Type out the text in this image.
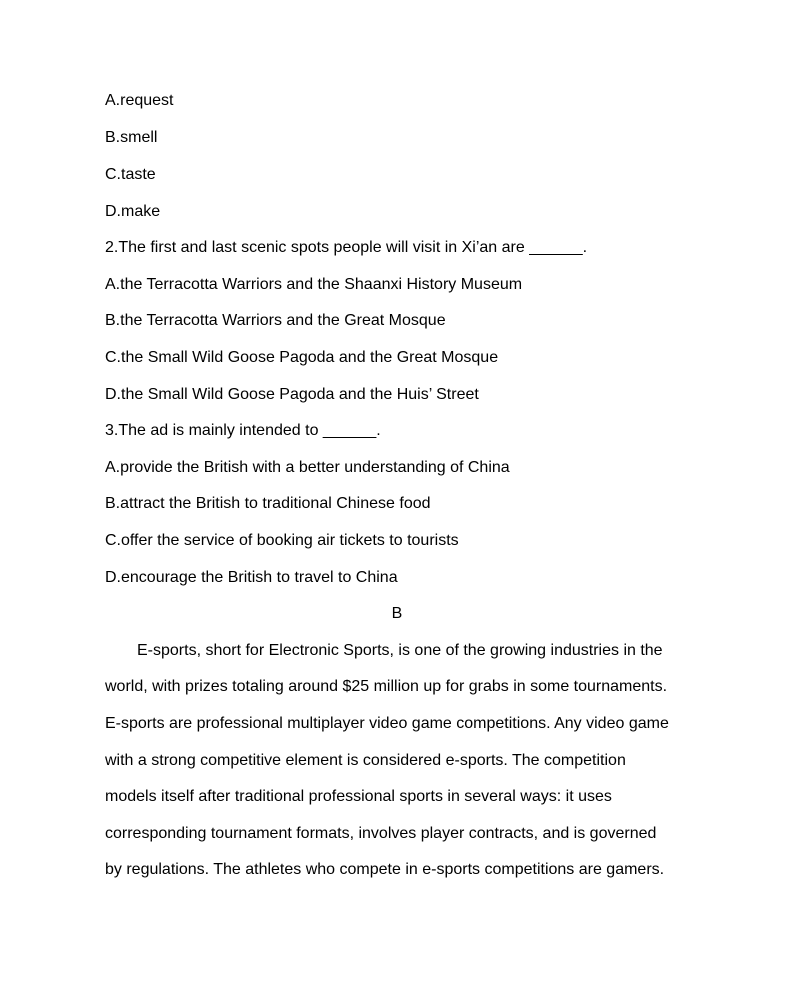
A.request
B.smell
C.taste
D.make
2.The first and last scenic spots people will visit in Xi’an are ______.
A.the Terracotta Warriors and the Shaanxi History Museum
B.the Terracotta Warriors and the Great Mosque
C.the Small Wild Goose Pagoda and the Great Mosque
D.the Small Wild Goose Pagoda and the Huis’ Street
3.The ad is mainly intended to ______.
A.provide the British with a better understanding of China
B.attract the British to traditional Chinese food
C.offer the service of booking air tickets to tourists
D.encourage the British to travel to China
B
E-sports, short for Electronic Sports, is one of the growing industries in the
world, with prizes totaling around $25 million up for grabs in some tournaments.
E-sports are professional multiplayer video game competitions. Any video game
with a strong competitive element is considered e-sports. The competition
models itself after traditional professional sports in several ways: it uses
corresponding tournament formats, involves player contracts, and is governed
by regulations. The athletes who compete in e-sports competitions are gamers.
